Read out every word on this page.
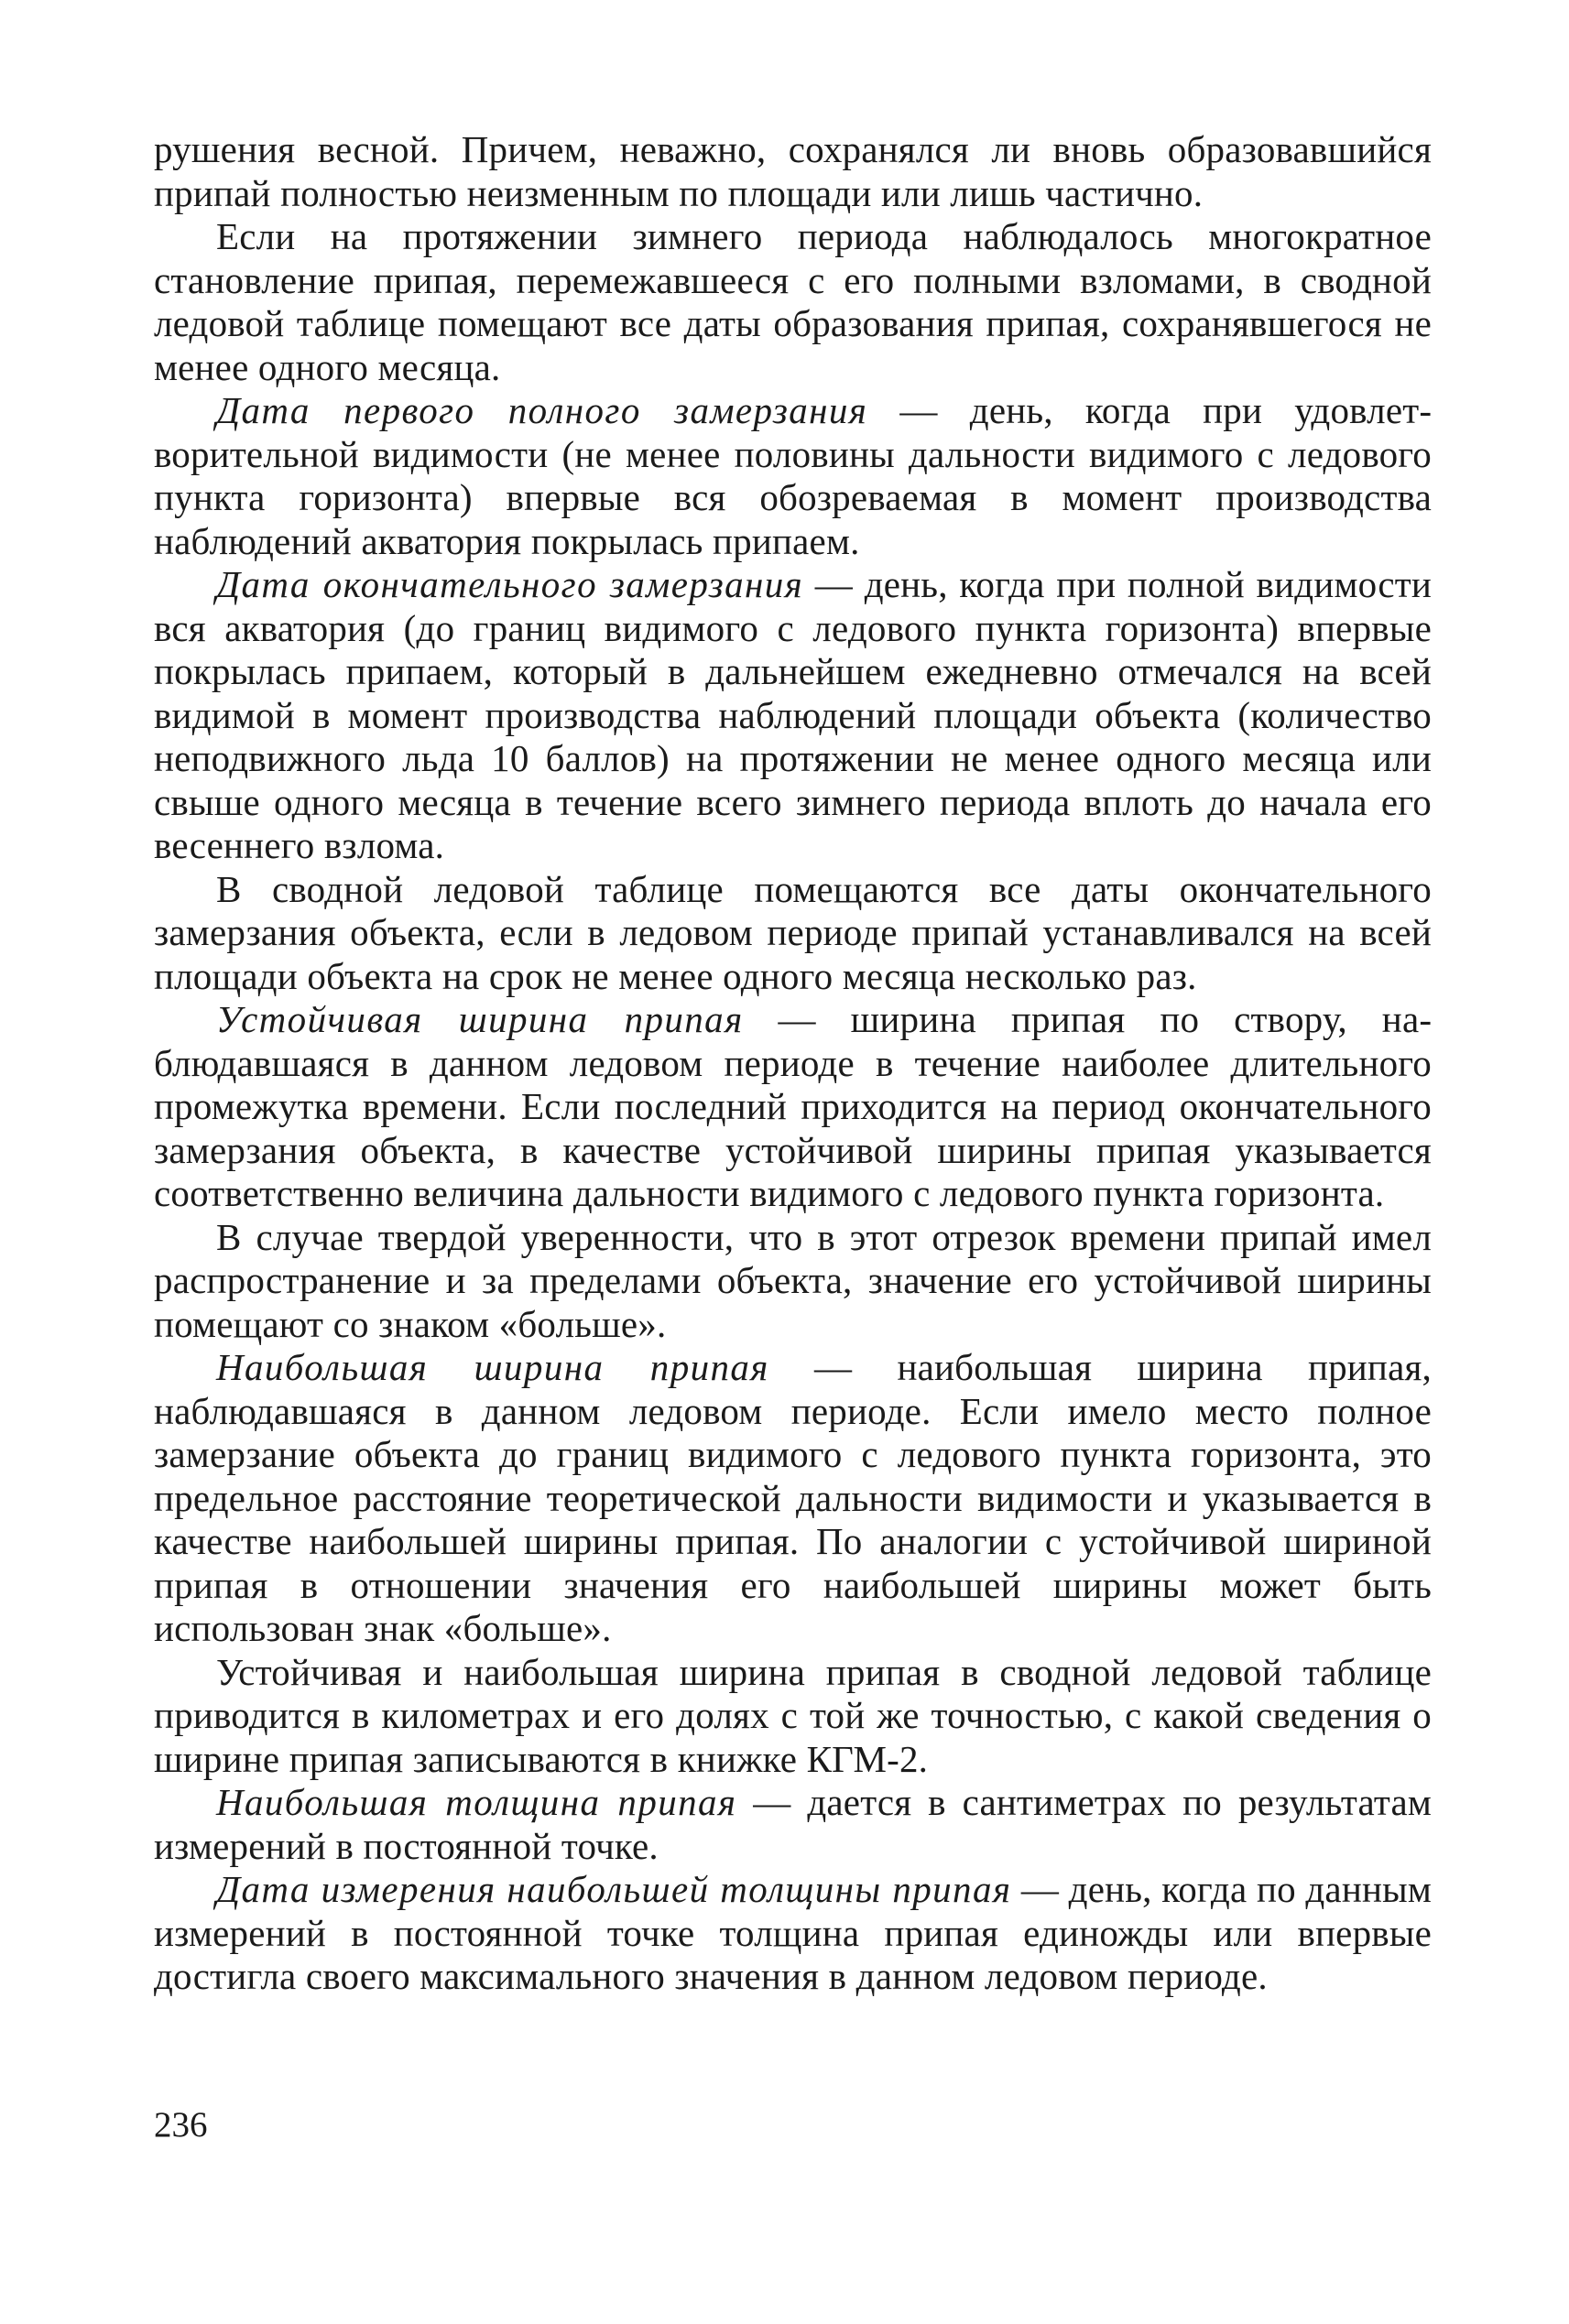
рушения весной. Причем, неважно, сохранялся ли вновь образовавшийся припай полностью неизменным по площади или лишь частично.

Если на протяжении зимнего периода наблюдалось многократное становление припая, перемежавшееся с его полными взломами, в сводной ледовой таблице помещают все даты образования припая, сохранявшегося не менее одного месяца.

Дата первого полного замерзания — день, когда при удовлетворительной видимости (не менее половины дальности видимого с ледового пункта горизонта) впервые вся обозреваемая в момент производства наблюдений акватория покрылась припаем.

Дата окончательного замерзания — день, когда при полной видимости вся акватория (до границ видимого с ледового пункта горизонта) впервые покрылась припаем, который в дальнейшем ежедневно отмечался на всей видимой в момент производства наблюдений площади объекта (количество неподвижного льда 10 баллов) на протяжении не менее одного месяца или свыше одного месяца в течение всего зимнего периода вплоть до начала его весеннего взлома.

В сводной ледовой таблице помещаются все даты окончательного замерзания объекта, если в ледовом периоде припай устанавливался на всей площади объекта на срок не менее одного месяца несколько раз.

Устойчивая ширина припая — ширина припая по створу, наблюдавшаяся в данном ледовом периоде в течение наиболее длительного промежутка времени. Если последний приходится на период окончательного замерзания объекта, в качестве устойчивой ширины припая указывается соответственно величина дальности видимого с ледового пункта горизонта.

В случае твердой уверенности, что в этот отрезок времени припай имел распространение и за пределами объекта, значение его устойчивой ширины помещают со знаком «больше».

Наибольшая ширина припая — наибольшая ширина припая, наблюдавшаяся в данном ледовом периоде. Если имело место полное замерзание объекта до границ видимого с ледового пункта горизонта, это предельное расстояние теоретической дальности видимости и указывается в качестве наибольшей ширины припая. По аналогии с устойчивой шириной припая в отношении значения его наибольшей ширины может быть использован знак «больше».

Устойчивая и наибольшая ширина припая в сводной ледовой таблице приводится в километрах и его долях с той же точностью, с какой сведения о ширине припая записываются в книжке КГМ-2.

Наибольшая толщина припая — дается в сантиметрах по результатам измерений в постоянной точке.

Дата измерения наибольшей толщины припая — день, когда по данным измерений в постоянной точке толщина припая единожды или впервые достигла своего максимального значения в данном ледовом периоде.

236
